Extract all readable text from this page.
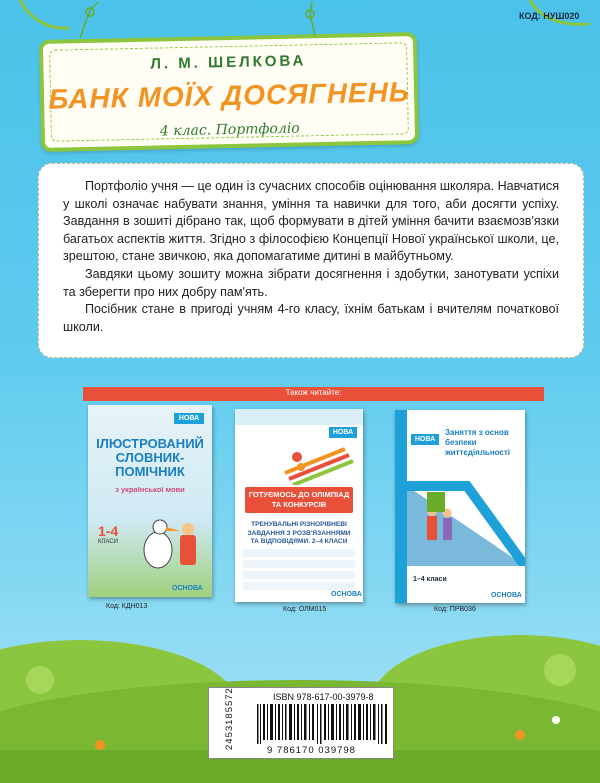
КОД: НУШ020
Л. М. ШЕЛКОВА
БАНК МОЇХ ДОСЯГНЕНЬ
4 клас. Портфоліо

Портфоліо учня — це один із сучасних способів оцінювання школяра. Навчатися у школі означає набувати знання, уміння та навички для того, аби досягти успіху. Завдання в зошиті дібрано так, щоб формувати в дітей уміння бачити взаємозв'язки багатьох аспектів життя. Згідно з філософією Концепції Нової української школи, це, зрештою, стане звичкою, яка допомагатиме дитині в майбутньому.

Завдяки цьому зошиту можна зібрати досягнення і здобутки, занотувати успіхи та зберегти про них добру пам'ять.

Посібник стане в пригоді учням 4-го класу, їхнім батькам і вчителям початкової школи.

Також читайте:
НОВА
ІЛЮСТРОВАНИЙ СЛОВНИК-ПОМІЧНИК
з української мови
1-4
КЛАСИ
ОСНОВА
Код: КДН013
НОВА
ГОТУЄМОСЬ ДО ОЛІМПІАД ТА КОНКУРСІВ
ТРЕНУВАЛЬНІ РІЗНОРІВНЕВІ ЗАВДАННЯ З РОЗВ'ЯЗАННЯМИ ТА ВІДПОВІДЯМИ. 2–4 КЛАСИ
ОСНОВА
Код: ОЛМ015
НОВА
Заняття з основ безпеки життєдіяльності
1–4 класи
ОСНОВА
Код: ПРВ036
ISBN 978-617-00-3979-8
9 786170 039798
2453185572
